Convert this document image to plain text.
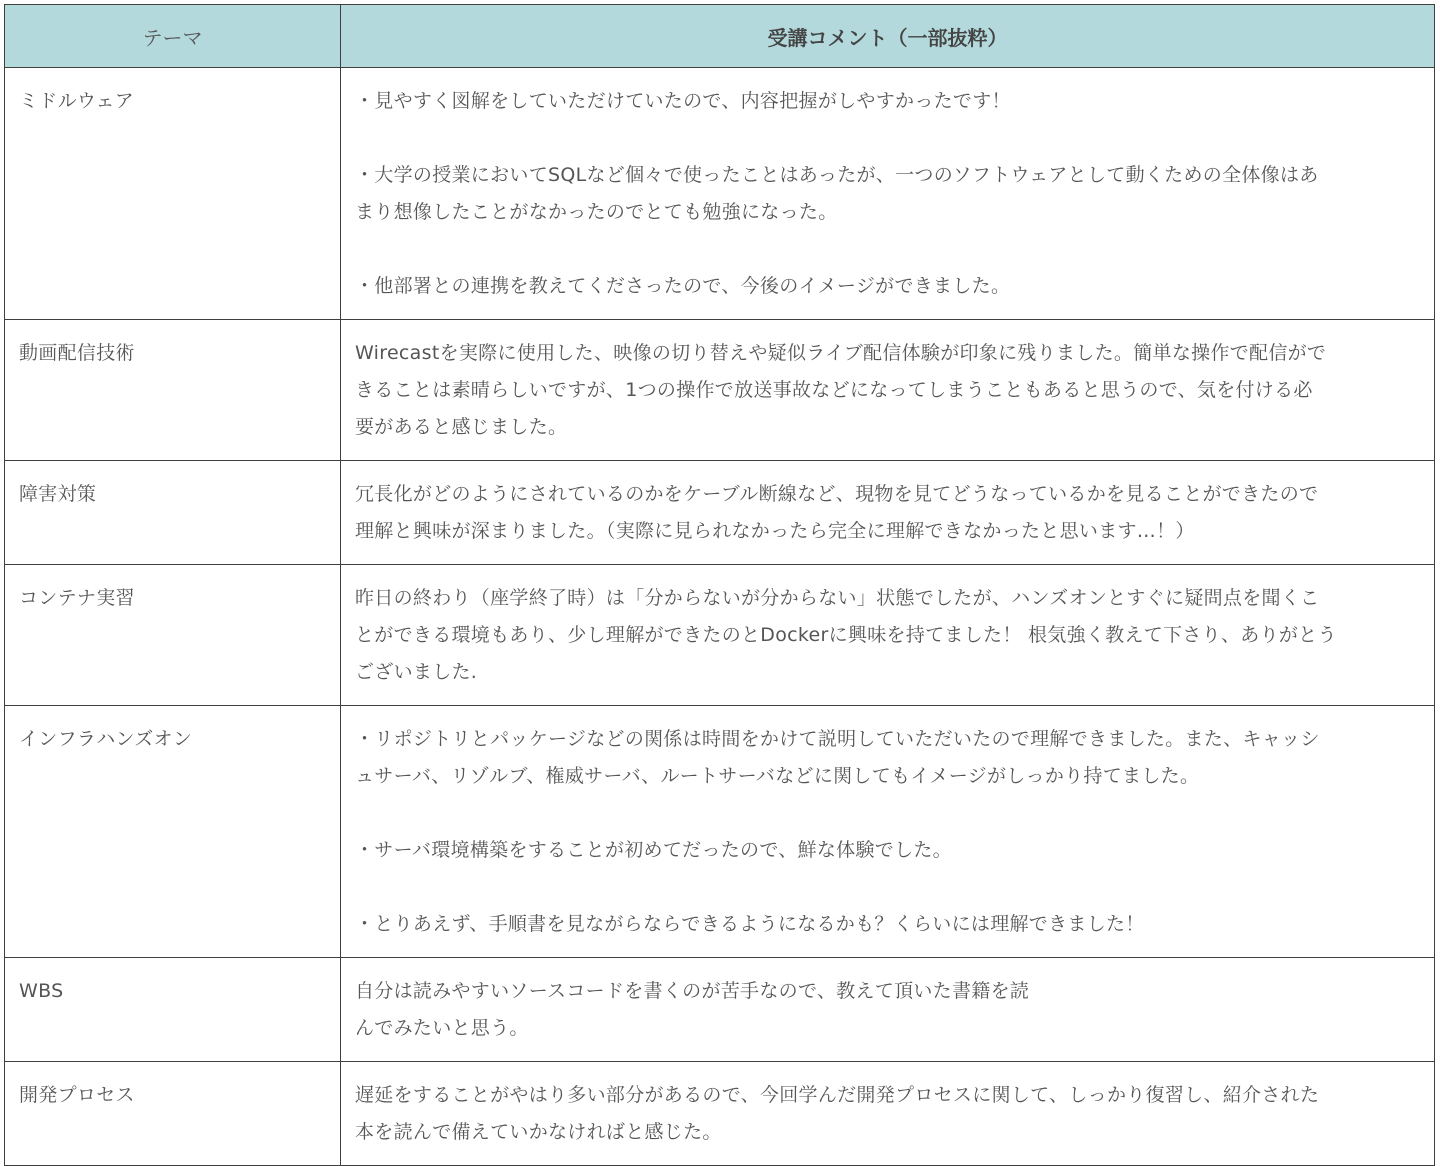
テーマ	受講コメント（一部抜粋）

ミドルウェア	・見やすく図解をしていただけていたので、内容把握がしやすかったです！

・大学の授業においてSQLなど個々で使ったことはあったが、一つのソフトウェアとして動くための全体像はあ
まり想像したことがなかったのでとても勉強になった。

・他部署との連携を教えてくださったので、今後のイメージができました。

動画配信技術	Wirecastを実際に使用した、映像の切り替えや疑似ライブ配信体験が印象に残りました。簡単な操作で配信がで
きることは素晴らしいですが、1つの操作で放送事故などになってしまうこともあると思うので、気を付ける必
要があると感じました。

障害対策	冗長化がどのようにされているのかをケーブル断線など、現物を見てどうなっているかを見ることができたので
理解と興味が深まりました。（実際に見られなかったら完全に理解できなかったと思います…！）

コンテナ実習	昨日の終わり（座学終了時）は「分からないが分からない」状態でしたが、ハンズオンとすぐに疑問点を聞くこ
とができる環境もあり、少し理解ができたのとDockerに興味を持てました！ 根気強く教えて下さり、ありがとう
ございました.

インフラハンズオン	・リポジトリとパッケージなどの関係は時間をかけて説明していただいたので理解できました。また、キャッシ
ュサーバ、リゾルブ、権威サーバ、ルートサーバなどに関してもイメージがしっかり持てました。

・サーバ環境構築をすることが初めてだったので、鮮な体験でした。

・とりあえず、手順書を見ながらならできるようになるかも？くらいには理解できました！

WBS	自分は読みやすいソースコードを書くのが苦手なので、教えて頂いた書籍を読
んでみたいと思う。

開発プロセス	遅延をすることがやはり多い部分があるので、今回学んだ開発プロセスに関して、しっかり復習し、紹介された
本を読んで備えていかなければと感じた。
